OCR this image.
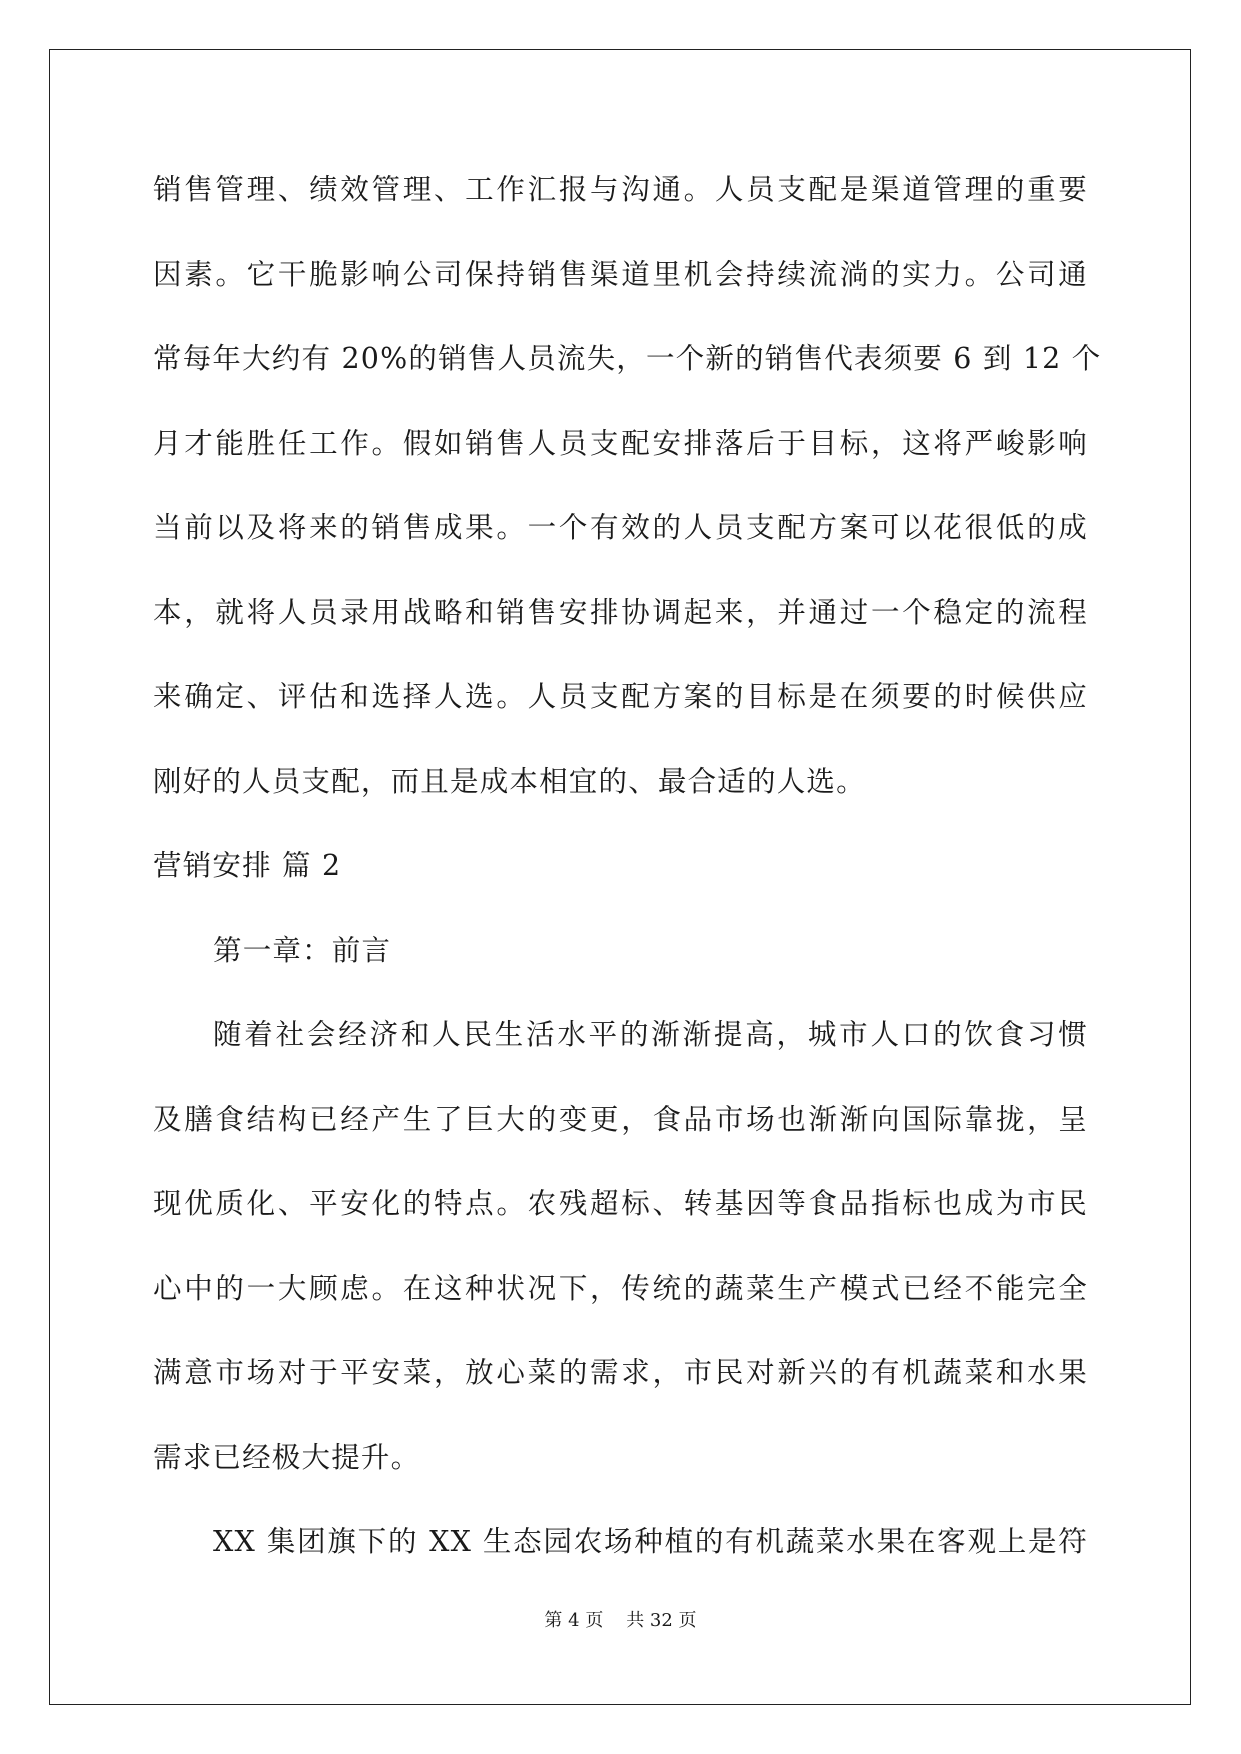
销售管理、绩效管理、工作汇报与沟通。人员支配是渠道管理的重要
因素。它干脆影响公司保持销售渠道里机会持续流淌的实力。公司通
常每年大约有 20%的销售人员流失，一个新的销售代表须要 6 到 12 个
月才能胜任工作。假如销售人员支配安排落后于目标，这将严峻影响
当前以及将来的销售成果。一个有效的人员支配方案可以花很低的成
本，就将人员录用战略和销售安排协调起来，并通过一个稳定的流程
来确定、评估和选择人选。人员支配方案的目标是在须要的时候供应
刚好的人员支配，而且是成本相宜的、最合适的人选。
营销安排 篇 2
第一章：前言
随着社会经济和人民生活水平的渐渐提高，城市人口的饮食习惯
及膳食结构已经产生了巨大的变更，食品市场也渐渐向国际靠拢，呈
现优质化、平安化的特点。农残超标、转基因等食品指标也成为市民
心中的一大顾虑。在这种状况下，传统的蔬菜生产模式已经不能完全
满意市场对于平安菜，放心菜的需求，市民对新兴的有机蔬菜和水果
需求已经极大提升。
XX 集团旗下的 XX 生态园农场种植的有机蔬菜水果在客观上是符
第 4 页    共 32 页
